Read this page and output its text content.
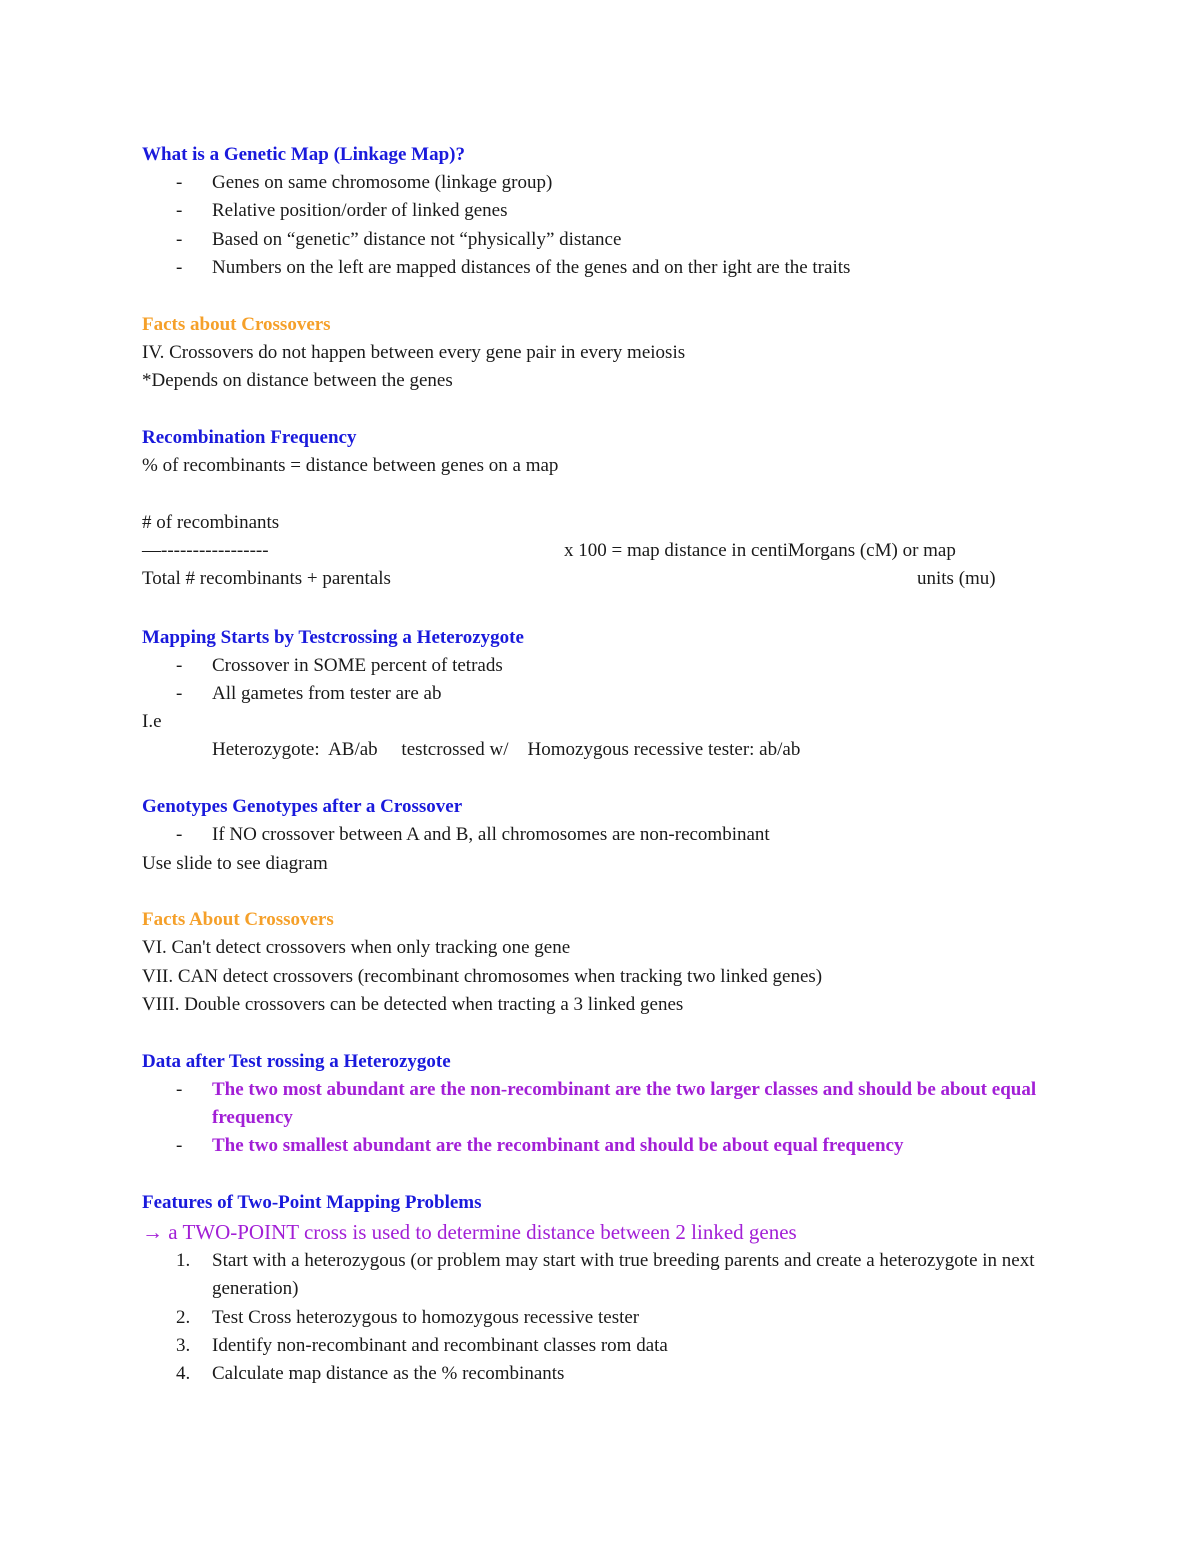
What is a Genetic Map (Linkage Map)?
- Genes on same chromosome (linkage group)
- Relative position/order of linked genes
- Based on “genetic” distance not “physically” distance
- Numbers on the left are mapped distances of the genes and on ther ight are the traits
Facts about Crossovers

IV. Crossovers do not happen between every gene pair in every meiosis

*Depends on distance between the genes

Recombination Frequency

% of recombinants = distance between genes on a map

# of recombinants
—-----------------	x 100 = map distance in centiMorgans (cM) or map
Total # recombinants + parentals	units (mu)
Mapping Starts by Testcrossing a Heterozygote
- Crossover in SOME percent of tetrads
- All gametes from tester are ab

I.e

Heterozygote:  AB/ab     testcrossed w/    Homozygous recessive tester: ab/ab

Genotypes Genotypes after a Crossover
- If NO crossover between A and B, all chromosomes are non-recombinant

Use slide to see diagram

Facts About Crossovers

VI. Can't detect crossovers when only tracking one gene

VII. CAN detect crossovers (recombinant chromosomes when tracking two linked genes)

VIII. Double crossovers can be detected when tracting a 3 linked genes

Data after Test rossing a Heterozygote
- The two most abundant are the non-recombinant are the two larger classes and should be about equal frequency
- The two smallest abundant are the recombinant and should be about equal frequency
Features of Two-Point Mapping Problems
→ a TWO-POINT cross is used to determine distance between 2 linked genes
1. Start with a heterozygous (or problem may start with true breeding parents and create a heterozygote in next generation)
2. Test Cross heterozygous to homozygous recessive tester
3. Identify non-recombinant and recombinant classes rom data
4. Calculate map distance as the % recombinants
